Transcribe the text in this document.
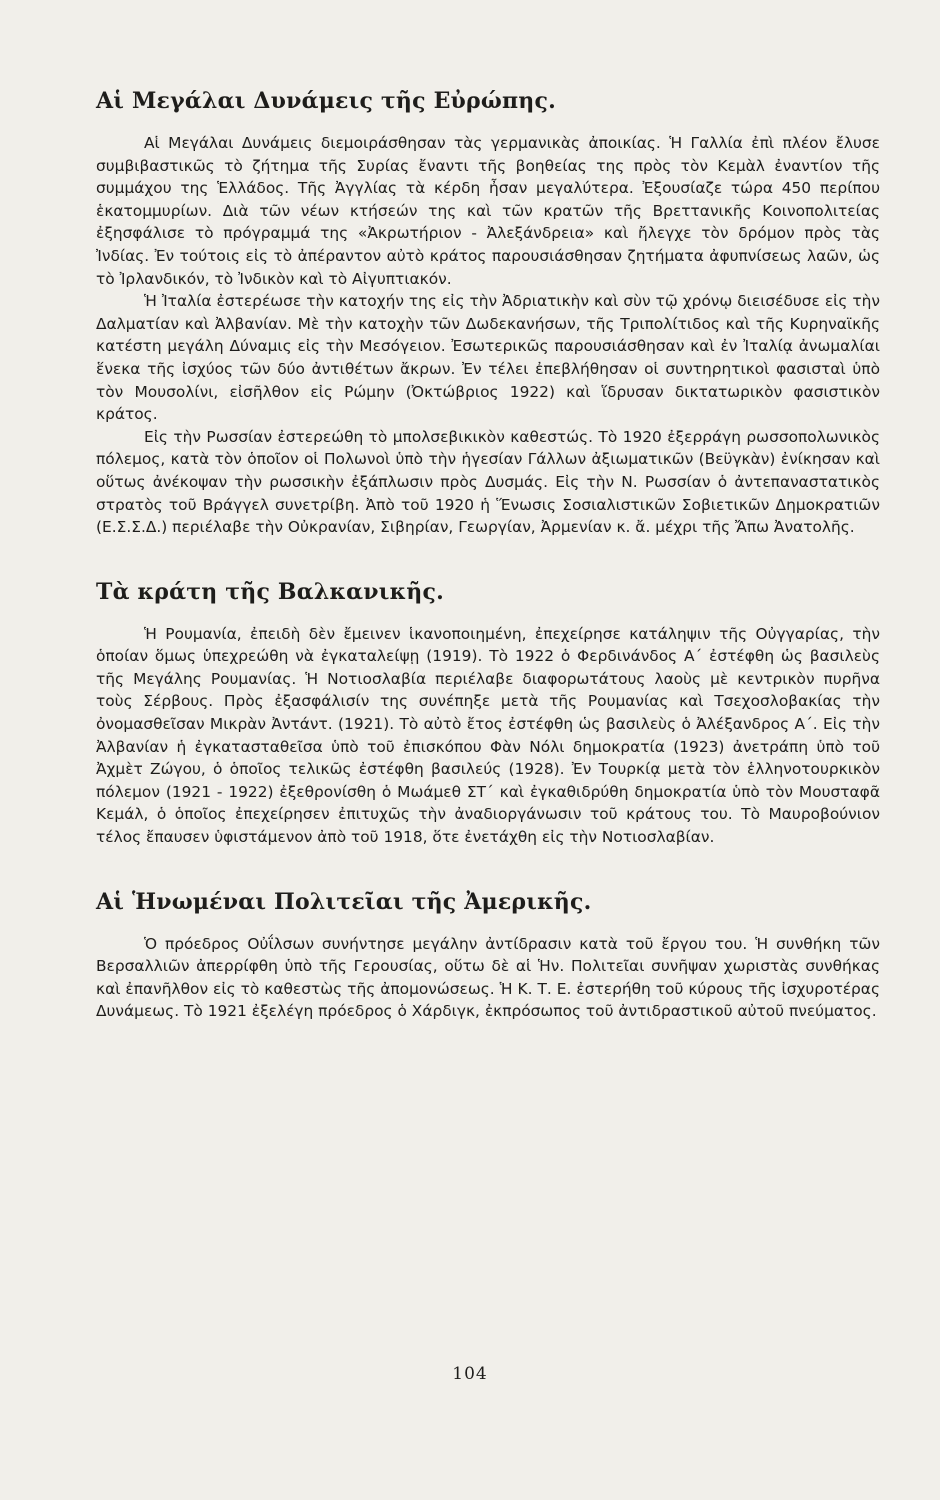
Αἱ Μεγάλαι Δυνάμεις τῆς Εὐρώπης.

Αἱ Μεγάλαι Δυνάμεις διεμοιράσθησαν τὰς γερμανικὰς ἀποικίας. Ἡ Γαλλία ἐπὶ πλέον ἔλυσε συμβιβαστικῶς τὸ ζήτημα τῆς Συρίας ἔναντι τῆς βοηθείας της πρὸς τὸν Κεμὰλ ἐναντίον τῆς συμμάχου της Ἑλλάδος. Τῆς Ἀγγλίας τὰ κέρδη ἦσαν μεγαλύτερα. Ἐξουσίαζε τώρα 450 περίπου ἑκατομμυρίων. Διὰ τῶν νέων κτήσεών της καὶ τῶν κρατῶν τῆς Βρεττανικῆς Κοινοπολιτείας ἐξησφάλισε τὸ πρόγραμμά της «Ἀκρωτήριον - Ἀλεξάνδρεια» καὶ ἤλεγχε τὸν δρόμον πρὸς τὰς Ἰνδίας. Ἐν τούτοις εἰς τὸ ἀπέραντον αὐτὸ κράτος παρουσιάσθησαν ζητήματα ἀφυπνίσεως λαῶν, ὡς τὸ Ἰρλανδικόν, τὸ Ἰνδικὸν καὶ τὸ Αἰγυπτιακόν.

Ἡ Ἰταλία ἐστερέωσε τὴν κατοχήν της εἰς τὴν Ἀδριατικὴν καὶ σὺν τῷ χρόνῳ διεισέδυσε εἰς τὴν Δαλματίαν καὶ Ἀλβανίαν. Μὲ τὴν κατοχὴν τῶν Δωδεκανήσων, τῆς Τριπολίτιδος καὶ τῆς Κυρηναϊκῆς κατέστη μεγάλη Δύναμις εἰς τὴν Μεσόγειον. Ἐσωτερικῶς παρουσιάσθησαν καὶ ἐν Ἰταλίᾳ ἀνωμαλίαι ἕνεκα τῆς ἰσχύος τῶν δύο ἀντιθέτων ἄκρων. Ἐν τέλει ἐπεβλήθησαν οἱ συντηρητικοὶ φασισταὶ ὑπὸ τὸν Μουσολίνι, εἰσῆλθον εἰς Ρώμην (Ὀκτώβριος 1922) καὶ ἵδρυσαν δικτατωρικὸν φασιστικὸν κράτος.

Εἰς τὴν Ρωσσίαν ἐστερεώθη τὸ μπολσεβικικὸν καθεστώς. Τὸ 1920 ἐξερράγη ρωσσοπολωνικὸς πόλεμος, κατὰ τὸν ὁποῖον οἱ Πολωνοὶ ὑπὸ τὴν ἡγεσίαν Γάλλων ἀξιωματικῶν (Βεϋγκὰν) ἐνίκησαν καὶ οὕτως ἀνέκοψαν τὴν ρωσσικὴν ἐξάπλωσιν πρὸς Δυσμάς. Εἰς τὴν Ν. Ρωσσίαν ὁ ἀντεπαναστατικὸς στρατὸς τοῦ Βράγγελ συνετρίβη. Ἀπὸ τοῦ 1920 ἡ Ἕνωσις Σοσιαλιστικῶν Σοβιετικῶν Δημοκρατιῶν (Ε.Σ.Σ.Δ.) περιέλαβε τὴν Οὐκρανίαν, Σιβηρίαν, Γεωργίαν, Ἀρμενίαν κ. ἄ. μέχρι τῆς Ἄπω Ἀνατολῆς.

Τὰ κράτη τῆς Βαλκανικῆς.

Ἡ Ρουμανία, ἐπειδὴ δὲν ἔμεινεν ἱκανοποιημένη, ἐπεχείρησε κατάληψιν τῆς Οὐγγαρίας, τὴν ὁποίαν ὅμως ὑπεχρεώθη νὰ ἐγκαταλείψῃ (1919). Τὸ 1922 ὁ Φερδινάνδος Α΄ ἐστέφθη ὡς βασιλεὺς τῆς Μεγάλης Ρουμανίας. Ἡ Νοτιοσλαβία περιέλαβε διαφορωτάτους λαοὺς μὲ κεντρικὸν πυρῆνα τοὺς Σέρβους. Πρὸς ἐξασφάλισίν της συνέπηξε μετὰ τῆς Ρουμανίας καὶ Τσεχοσλοβακίας τὴν ὀνομασθεῖσαν Μικρὰν Ἀντάντ. (1921). Τὸ αὐτὸ ἔτος ἐστέφθη ὡς βασιλεὺς ὁ Ἀλέξανδρος Α΄. Εἰς τὴν Ἀλβανίαν ἡ ἐγκατασταθεῖσα ὑπὸ τοῦ ἐπισκόπου Φὰν Νόλι δημοκρατία (1923) ἀνετράπη ὑπὸ τοῦ Ἀχμὲτ Ζώγου, ὁ ὁποῖος τελικῶς ἐστέφθη βασιλεύς (1928). Ἐν Τουρκίᾳ μετὰ τὸν ἑλληνοτουρκικὸν πόλεμον (1921 - 1922) ἐξεθρονίσθη ὁ Μωάμεθ ΣΤ΄ καὶ ἐγκαθιδρύθη δημοκρατία ὑπὸ τὸν Μουσταφᾶ Κεμάλ, ὁ ὁποῖος ἐπεχείρησεν ἐπιτυχῶς τὴν ἀναδιοργάνωσιν τοῦ κράτους του. Τὸ Μαυροβούνιον τέλος ἔπαυσεν ὑφιστάμενον ἀπὸ τοῦ 1918, ὅτε ἐνετάχθη εἰς τὴν Νοτιοσλαβίαν.

Αἱ Ἡνωμέναι Πολιτεῖαι τῆς Ἀμερικῆς.

Ὁ πρόεδρος Οὐΐλσων συνήντησε μεγάλην ἀντίδρασιν κατὰ τοῦ ἔργου του. Ἡ συνθήκη τῶν Βερσαλλιῶν ἀπερρίφθη ὑπὸ τῆς Γερουσίας, οὕτω δὲ αἱ Ἡν. Πολιτεῖαι συνῆψαν χωριστὰς συνθήκας καὶ ἐπανῆλθον εἰς τὸ καθεστὼς τῆς ἀπομονώσεως. Ἡ Κ. Τ. Ε. ἐστερήθη τοῦ κύρους τῆς ἰσχυροτέρας Δυνάμεως. Τὸ 1921 ἐξελέγη πρόεδρος ὁ Χάρδιγκ, ἐκπρόσωπος τοῦ ἀντιδραστικοῦ αὐτοῦ πνεύματος.

104
